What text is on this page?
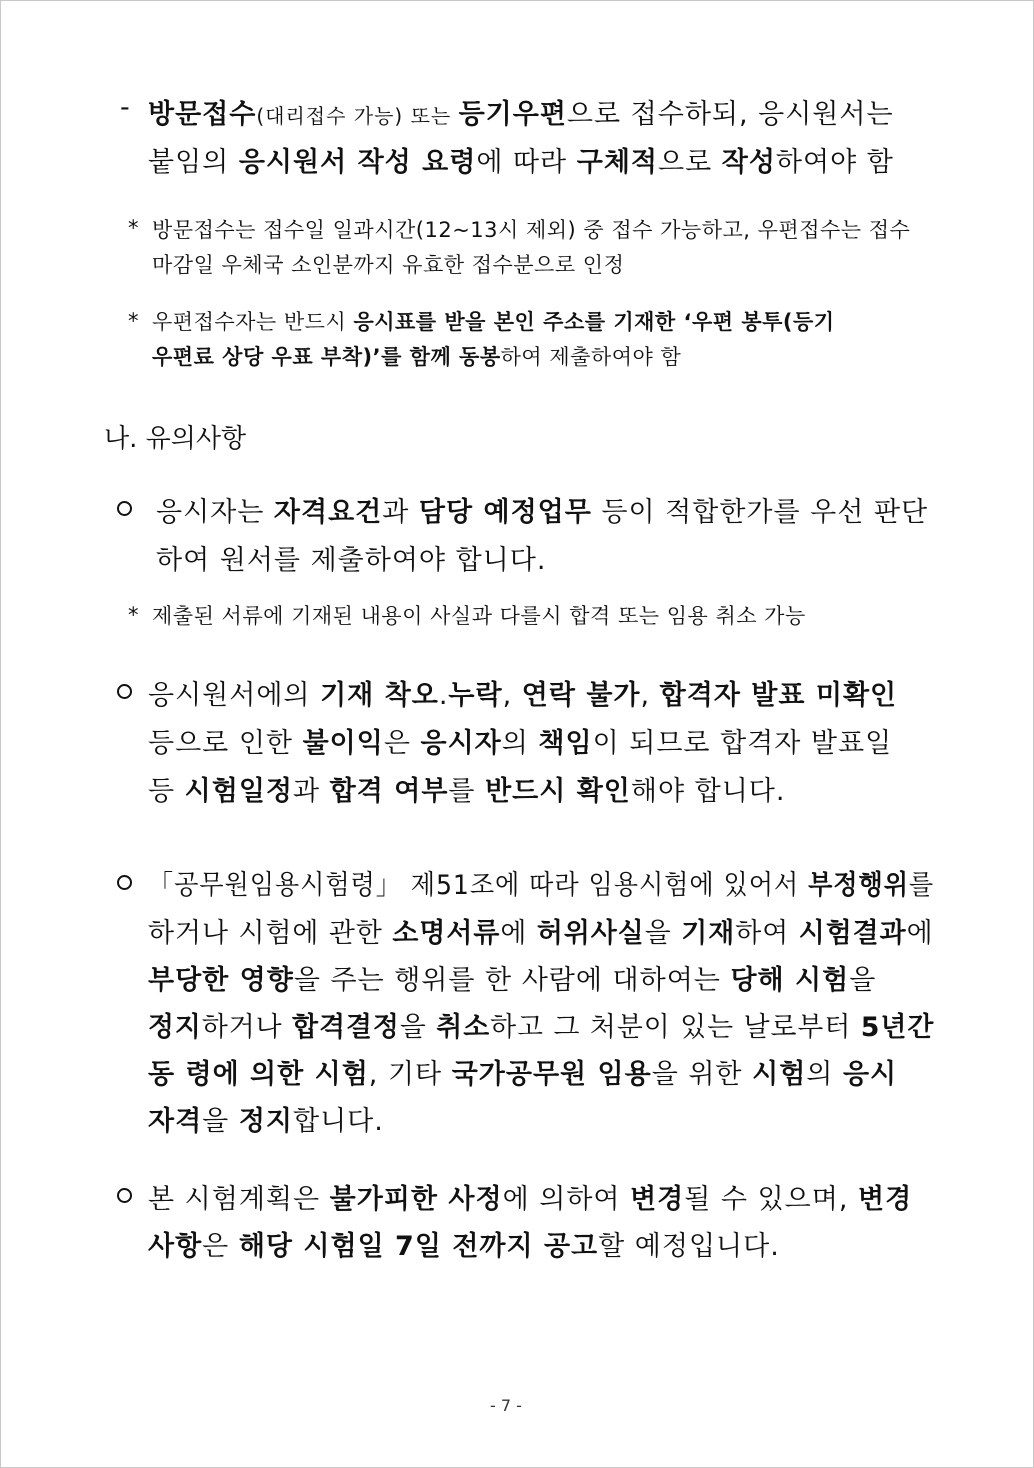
- 방문접수(대리접수 가능) 또는 등기우편으로 접수하되, 응시원서는
붙임의 응시원서 작성 요령에 따라 구체적으로 작성하여야 함
* 방문접수는 접수일 일과시간(12~13시 제외) 중 접수 가능하고, 우편접수는 접수
마감일 우체국 소인분까지 유효한 접수분으로 인정
* 우편접수자는 반드시 응시표를 받을 본인 주소를 기재한 ‘우편 봉투(등기
우편료 상당 우표 부착)’를 함께 동봉하여 제출하여야 함
나. 유의사항
응시자는 자격요건과 담당 예정업무 등이 적합한가를 우선 판단
하여 원서를 제출하여야 합니다.
* 제출된 서류에 기재된 내용이 사실과 다를시 합격 또는 임용 취소 가능
응시원서에의 기재 착오.누락, 연락 불가, 합격자 발표 미확인
등으로 인한 불이익은 응시자의 책임이 되므로 합격자 발표일
등 시험일정과 합격 여부를 반드시 확인해야 합니다.
「공무원임용시험령」 제51조에 따라 임용시험에 있어서 부정행위를
하거나 시험에 관한 소명서류에 허위사실을 기재하여 시험결과에
부당한 영향을 주는 행위를 한 사람에 대하여는 당해 시험을
정지하거나 합격결정을 취소하고 그 처분이 있는 날로부터 5년간
동 령에 의한 시험, 기타 국가공무원 임용을 위한 시험의 응시
자격을 정지합니다.
본 시험계획은 불가피한 사정에 의하여 변경될 수 있으며, 변경
사항은 해당 시험일 7일 전까지 공고할 예정입니다.
- 7 -
